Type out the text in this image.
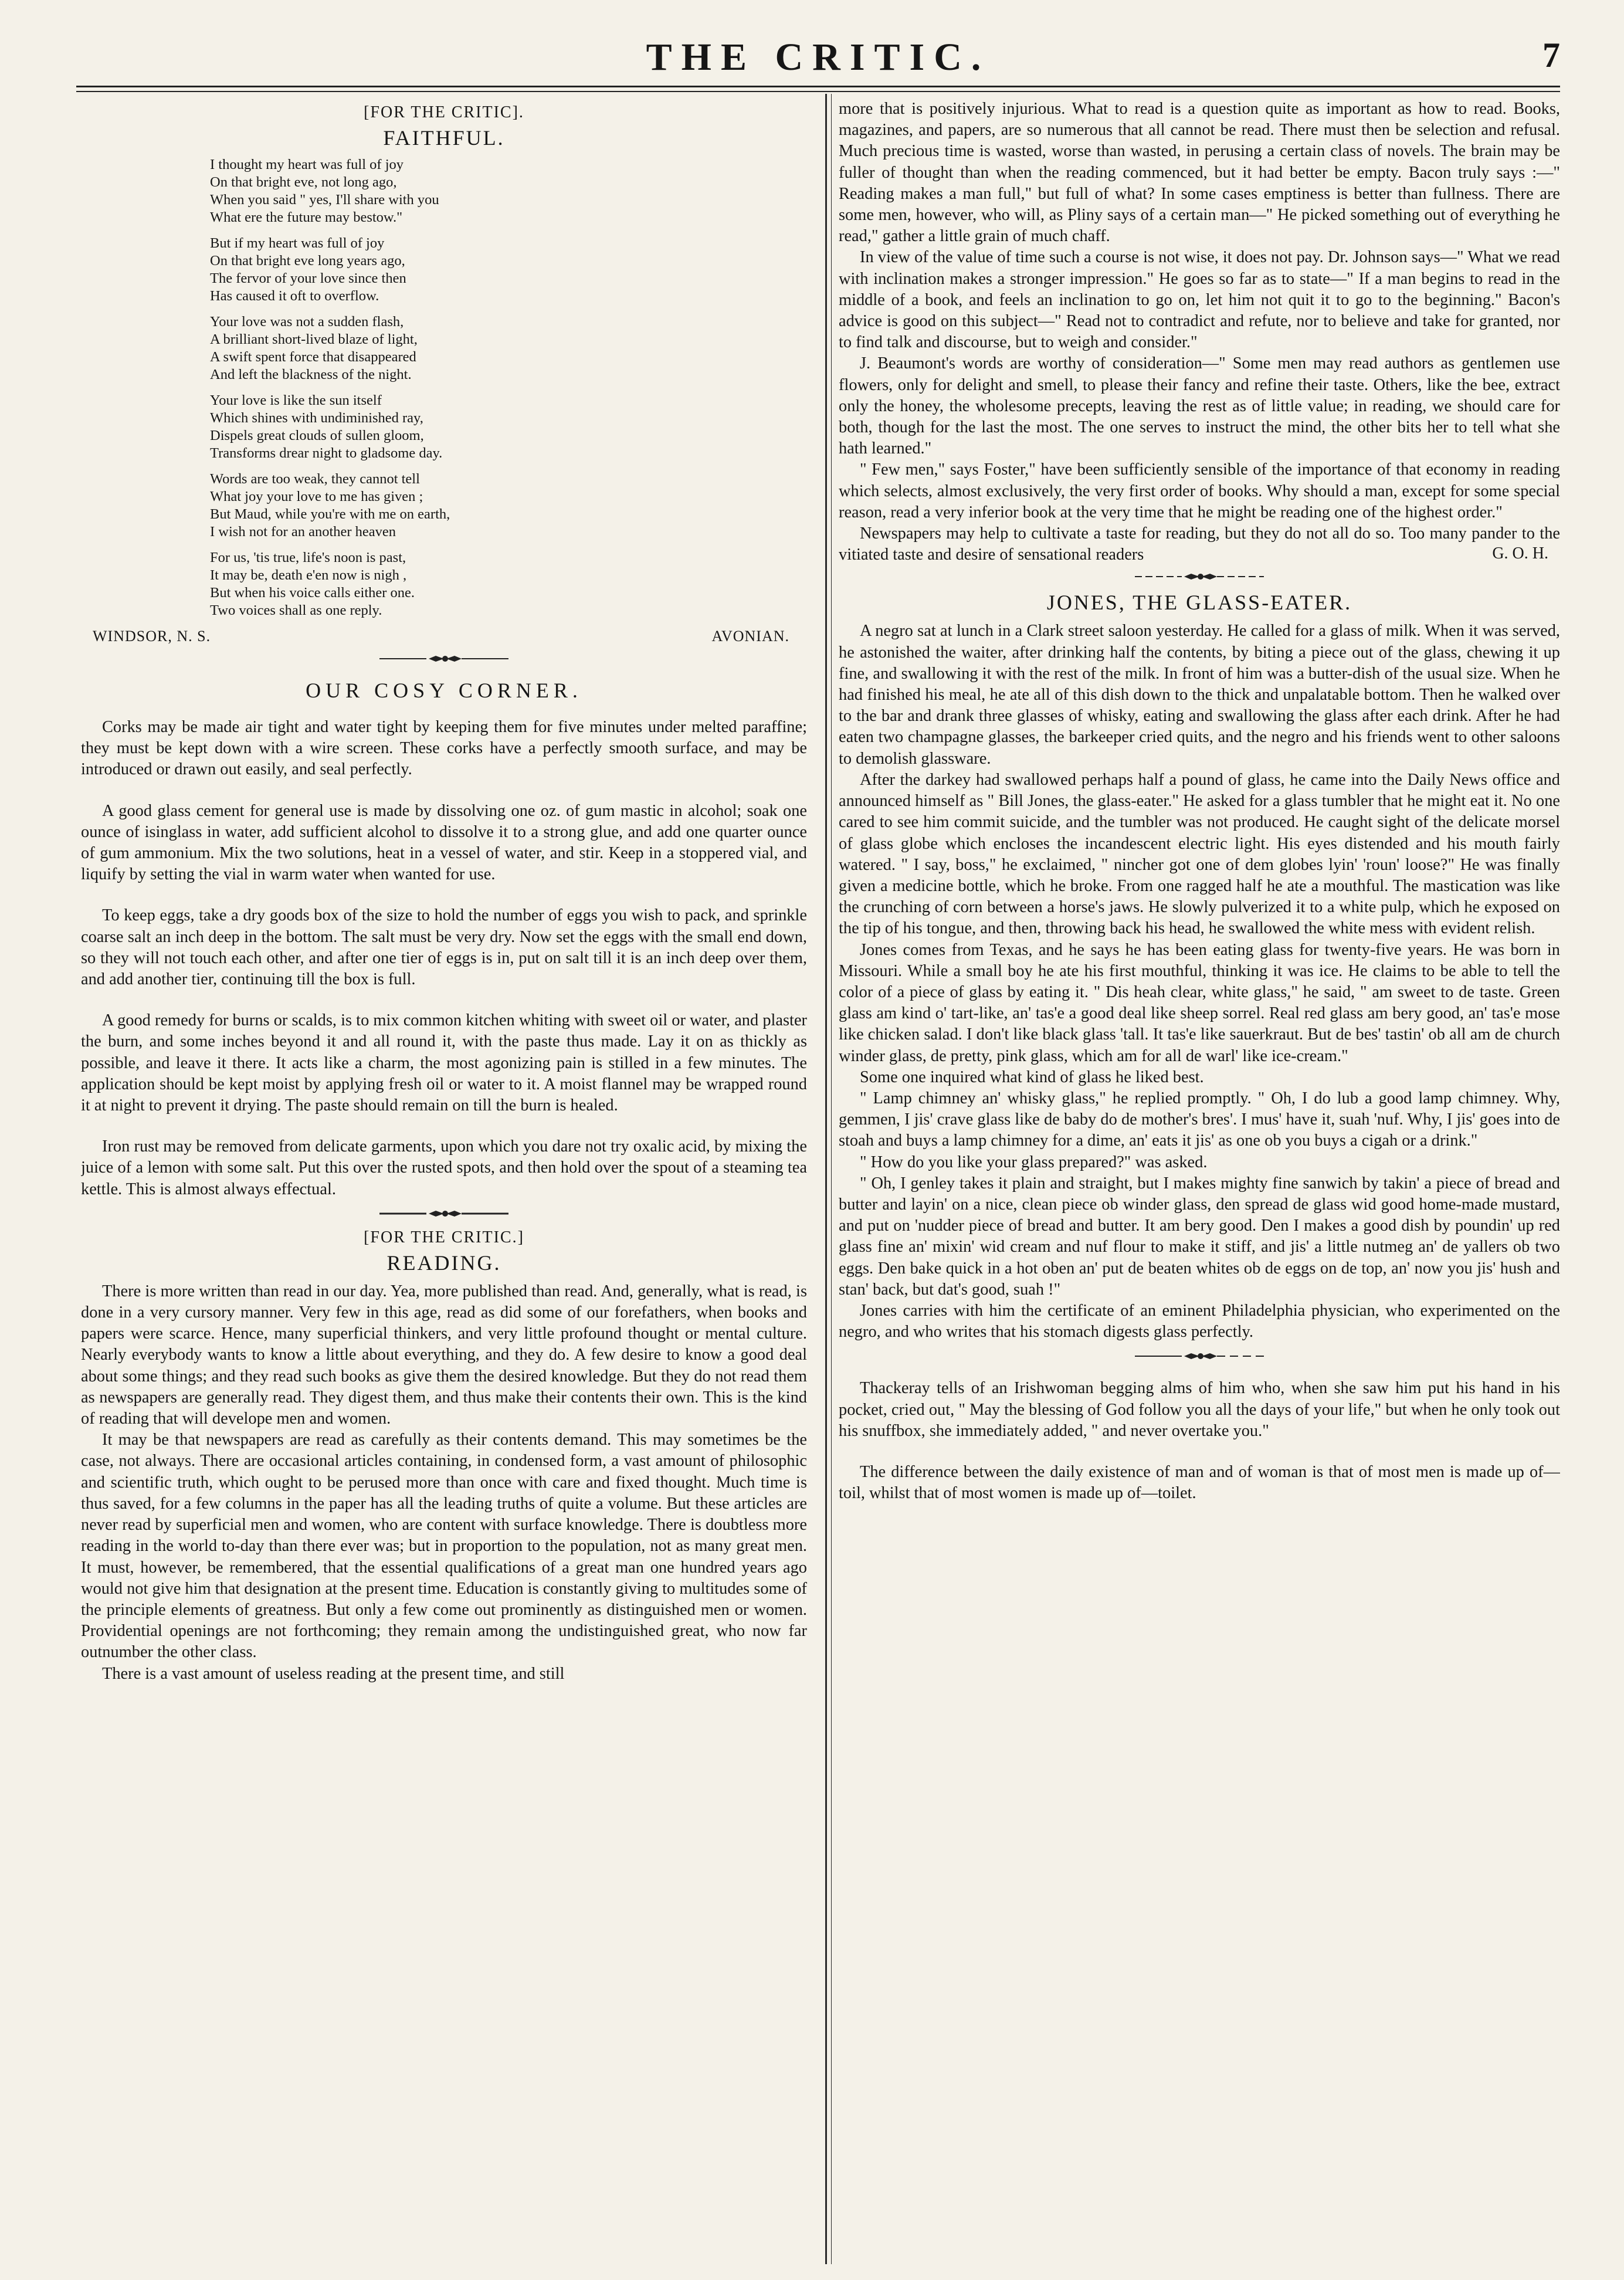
THE CRITIC.	7
[FOR THE CRITIC].
FAITHFUL.
I thought my heart was full of joy
On that bright eve, not long ago,
When you said " yes, I'll share with you
What ere the future may bestow."
But if my heart was full of joy
On that bright eve long years ago,
The fervor of your love since then
Has caused it oft to overflow.
Your love was not a sudden flash,
A brilliant short-lived blaze of light,
A swift spent force that disappeared
And left the blackness of the night.
Your love is like the sun itself
Which shines with undiminished ray,
Dispels great clouds of sullen gloom,
Transforms drear night to gladsome day.
Words are too weak, they cannot tell
What joy your love to me has given ;
But Maud, while you're with me on earth,
I wish not for an another heaven
For us, 'tis true, life's noon is past,
It may be, death e'en now is nigh ,
But when his voice calls either one.
Two voices shall as one reply.
WINDSOR, N. S.	AVONIAN.
OUR COSY CORNER.

Corks may be made air tight and water tight by keeping them for five minutes under melted paraffine; they must be kept down with a wire screen. These corks have a perfectly smooth surface, and may be introduced or drawn out easily, and seal perfectly.

A good glass cement for general use is made by dissolving one oz. of gum mastic in alcohol; soak one ounce of isinglass in water, add sufficient alcohol to dissolve it to a strong glue, and add one quarter ounce of gum ammonium. Mix the two solutions, heat in a vessel of water, and stir. Keep in a stoppered vial, and liquify by setting the vial in warm water when wanted for use.

To keep eggs, take a dry goods box of the size to hold the number of eggs you wish to pack, and sprinkle coarse salt an inch deep in the bottom. The salt must be very dry. Now set the eggs with the small end down, so they will not touch each other, and after one tier of eggs is in, put on salt till it is an inch deep over them, and add another tier, continuing till the box is full.

A good remedy for burns or scalds, is to mix common kitchen whiting with sweet oil or water, and plaster the burn, and some inches beyond it and all round it, with the paste thus made. Lay it on as thickly as possible, and leave it there. It acts like a charm, the most agonizing pain is stilled in a few minutes. The application should be kept moist by applying fresh oil or water to it. A moist flannel may be wrapped round it at night to prevent it drying. The paste should remain on till the burn is healed.

Iron rust may be removed from delicate garments, upon which you dare not try oxalic acid, by mixing the juice of a lemon with some salt. Put this over the rusted spots, and then hold over the spout of a steaming tea kettle. This is almost always effectual.

[FOR THE CRITIC.]
READING.

There is more written than read in our day. Yea, more published than read. And, generally, what is read, is done in a very cursory manner. Very few in this age, read as did some of our forefathers, when books and papers were scarce. Hence, many superficial thinkers, and very little profound thought or mental culture. Nearly everybody wants to know a little about everything, and they do. A few desire to know a good deal about some things; and they read such books as give them the desired knowledge. But they do not read them as newspapers are generally read. They digest them, and thus make their contents their own. This is the kind of reading that will develope men and women.

It may be that newspapers are read as carefully as their contents demand. This may sometimes be the case, not always. There are occasional articles containing, in condensed form, a vast amount of philosophic and scientific truth, which ought to be perused more than once with care and fixed thought. Much time is thus saved, for a few columns in the paper has all the leading truths of quite a volume. But these articles are never read by superficial men and women, who are content with surface knowledge. There is doubtless more reading in the world to-day than there ever was; but in proportion to the population, not as many great men. It must, however, be remembered, that the essential qualifications of a great man one hundred years ago would not give him that designation at the present time. Education is constantly giving to multitudes some of the principle elements of greatness. But only a few come out prominently as distinguished men or women. Providential openings are not forthcoming; they remain among the undistinguished great, who now far outnumber the other class.

There is a vast amount of useless reading at the present time, and still

more that is positively injurious. What to read is a question quite as important as how to read. Books, magazines, and papers, are so numerous that all cannot be read. There must then be selection and refusal. Much precious time is wasted, worse than wasted, in perusing a certain class of novels. The brain may be fuller of thought than when the reading commenced, but it had better be empty. Bacon truly says :—" Reading makes a man full," but full of what? In some cases emptiness is better than fullness. There are some men, however, who will, as Pliny says of a certain man—" He picked something out of everything he read," gather a little grain of much chaff.

In view of the value of time such a course is not wise, it does not pay. Dr. Johnson says—" What we read with inclination makes a stronger impression." He goes so far as to state—" If a man begins to read in the middle of a book, and feels an inclination to go on, let him not quit it to go to the beginning." Bacon's advice is good on this subject—" Read not to contradict and refute, nor to believe and take for granted, nor to find talk and discourse, but to weigh and consider."

J. Beaumont's words are worthy of consideration—" Some men may read authors as gentlemen use flowers, only for delight and smell, to please their fancy and refine their taste. Others, like the bee, extract only the honey, the wholesome precepts, leaving the rest as of little value; in reading, we should care for both, though for the last the most. The one serves to instruct the mind, the other bits her to tell what she hath learned."

" Few men," says Foster," have been sufficiently sensible of the importance of that economy in reading which selects, almost exclusively, the very first order of books. Why should a man, except for some special reason, read a very inferior book at the very time that he might be reading one of the highest order."

Newspapers may help to cultivate a taste for reading, but they do not all do so. Too many pander to the vitiated taste and desire of sensational readers	G. O. H.
JONES, THE GLASS-EATER.

A negro sat at lunch in a Clark street saloon yesterday. He called for a glass of milk. When it was served, he astonished the waiter, after drinking half the contents, by biting a piece out of the glass, chewing it up fine, and swallowing it with the rest of the milk. In front of him was a butter-dish of the usual size. When he had finished his meal, he ate all of this dish down to the thick and unpalatable bottom. Then he walked over to the bar and drank three glasses of whisky, eating and swallowing the glass after each drink. After he had eaten two champagne glasses, the barkeeper cried quits, and the negro and his friends went to other saloons to demolish glassware.

After the darkey had swallowed perhaps half a pound of glass, he came into the Daily News office and announced himself as " Bill Jones, the glass-eater." He asked for a glass tumbler that he might eat it. No one cared to see him commit suicide, and the tumbler was not produced. He caught sight of the delicate morsel of glass globe which encloses the incandescent electric light. His eyes distended and his mouth fairly watered. " I say, boss," he exclaimed, " nincher got one of dem globes lyin' 'roun' loose?" He was finally given a medicine bottle, which he broke. From one ragged half he ate a mouthful. The mastication was like the crunching of corn between a horse's jaws. He slowly pulverized it to a white pulp, which he exposed on the tip of his tongue, and then, throwing back his head, he swallowed the white mess with evident relish.

Jones comes from Texas, and he says he has been eating glass for twenty-five years. He was born in Missouri. While a small boy he ate his first mouthful, thinking it was ice. He claims to be able to tell the color of a piece of glass by eating it. " Dis heah clear, white glass," he said, " am sweet to de taste. Green glass am kind o' tart-like, an' tas'e a good deal like sheep sorrel. Real red glass am bery good, an' tas'e mose like chicken salad. I don't like black glass 'tall. It tas'e like sauerkraut. But de bes' tastin' ob all am de church winder glass, de pretty, pink glass, which am for all de warl' like ice-cream."

Some one inquired what kind of glass he liked best.

" Lamp chimney an' whisky glass," he replied promptly. " Oh, I do lub a good lamp chimney. Why, gemmen, I jis' crave glass like de baby do de mother's bres'. I mus' have it, suah 'nuf. Why, I jis' goes into de stoah and buys a lamp chimney for a dime, an' eats it jis' as one ob you buys a cigah or a drink."

" How do you like your glass prepared?" was asked.

" Oh, I genley takes it plain and straight, but I makes mighty fine sanwich by takin' a piece of bread and butter and layin' on a nice, clean piece ob winder glass, den spread de glass wid good home-made mustard, and put on 'nudder piece of bread and butter. It am bery good. Den I makes a good dish by poundin' up red glass fine an' mixin' wid cream and nuf flour to make it stiff, and jis' a little nutmeg an' de yallers ob two eggs. Den bake quick in a hot oben an' put de beaten whites ob de eggs on de top, an' now you jis' hush and stan' back, but dat's good, suah !"

Jones carries with him the certificate of an eminent Philadelphia physician, who experimented on the negro, and who writes that his stomach digests glass perfectly.

Thackeray tells of an Irishwoman begging alms of him who, when she saw him put his hand in his pocket, cried out, " May the blessing of God follow you all the days of your life," but when he only took out his snuffbox, she immediately added, " and never overtake you."

The difference between the daily existence of man and of woman is that of most men is made up of—toil, whilst that of most women is made up of—toilet.
